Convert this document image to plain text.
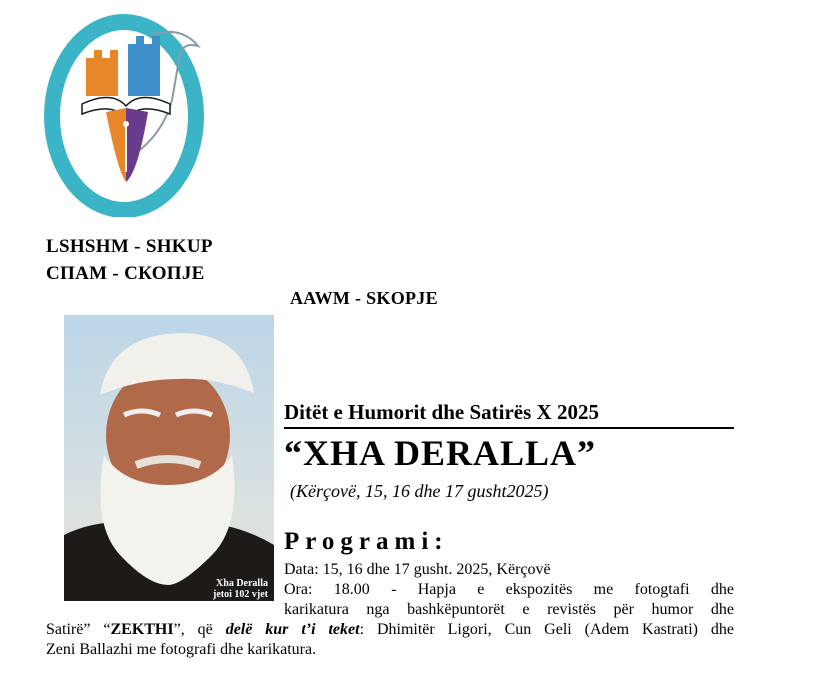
LSHSHM - SHKUP
СПАМ - СКОПЈЕ
AAWM - SKOPJE
Xha Deralla
jetoi 102 vjet
Ditët e Humorit dhe Satirës X 2025
“XHA DERALLA”
(Kërçovë, 15, 16 dhe 17 gusht2025)
Programi:
Data: 15, 16 dhe 17 gusht. 2025, Kërçovë
Ora: 18.00 - Hapja e ekspozitës me fotogtafi dhe
karikatura nga bashkëpuntorët e revistës për humor dhe
Satirë” “ZEKTHI”, që delë kur t’i teket: Dhimitër Ligori, Cun Geli (Adem Kastrati) dhe
Zeni Ballazhi me fotografi dhe karikatura.
